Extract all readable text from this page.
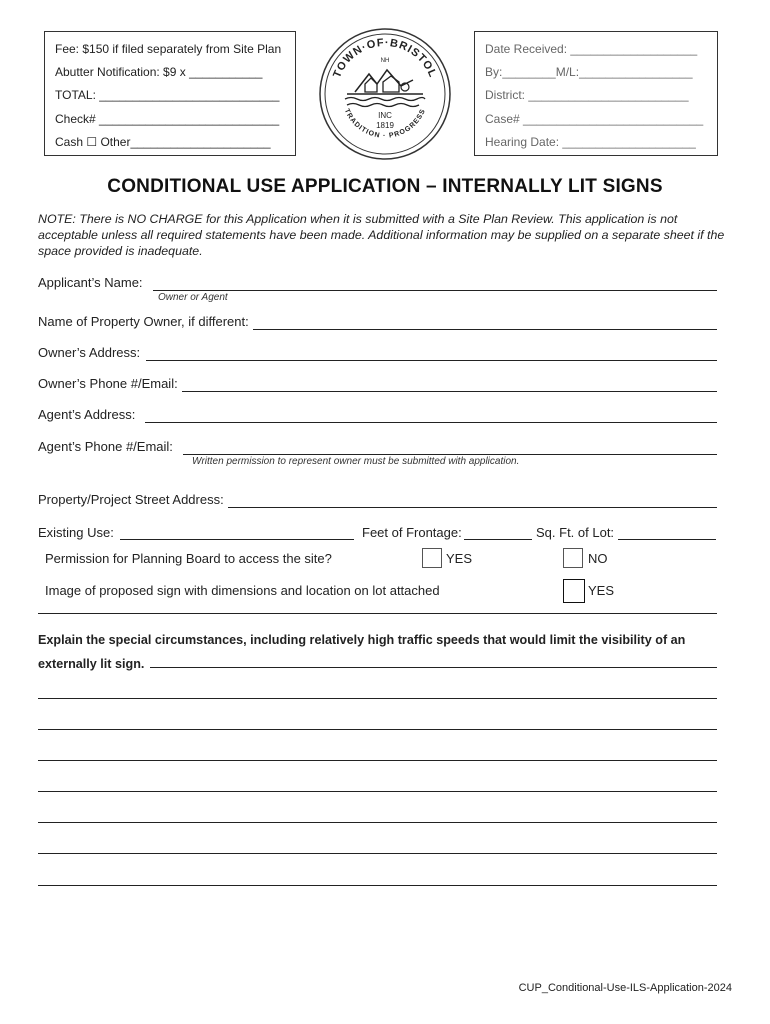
Fee: $150 if filed separately from Site Plan
Abutter Notification: $9 x ___________
TOTAL: ___________________________
Check# ___________________________
Cash ☐ Other_____________________
TOWN·OF·BRISTOL
TRADITION · PROGRESS
NH
INC
1819
Date Received: ___________________
By:________M/L:_________________
District: ________________________
Case# ___________________________
Hearing Date: ____________________
CONDITIONAL USE APPLICATION – INTERNALLY LIT SIGNS
NOTE: There is NO CHARGE for this Application when it is submitted with a Site Plan Review. This application is not acceptable unless all required statements have been made. Additional information may be supplied on a separate sheet if the space provided is inadequate.
Applicant’s Name:
Owner or Agent
Name of Property Owner, if different:
Owner’s Address:
Owner’s Phone #/Email:
Agent’s Address:
Agent’s Phone #/Email:
Written permission to represent owner must be submitted with application.
Property/Project Street Address:
Existing Use:	Feet of Frontage:	Sq. Ft. of Lot:
Permission for Planning Board to access the site?	YES	NO
Image of proposed sign with dimensions and location on lot attached	YES
Explain the special circumstances, including relatively high traffic speeds that would limit the visibility of an externally lit sign.
CUP_Conditional-Use-ILS-Application-2024
